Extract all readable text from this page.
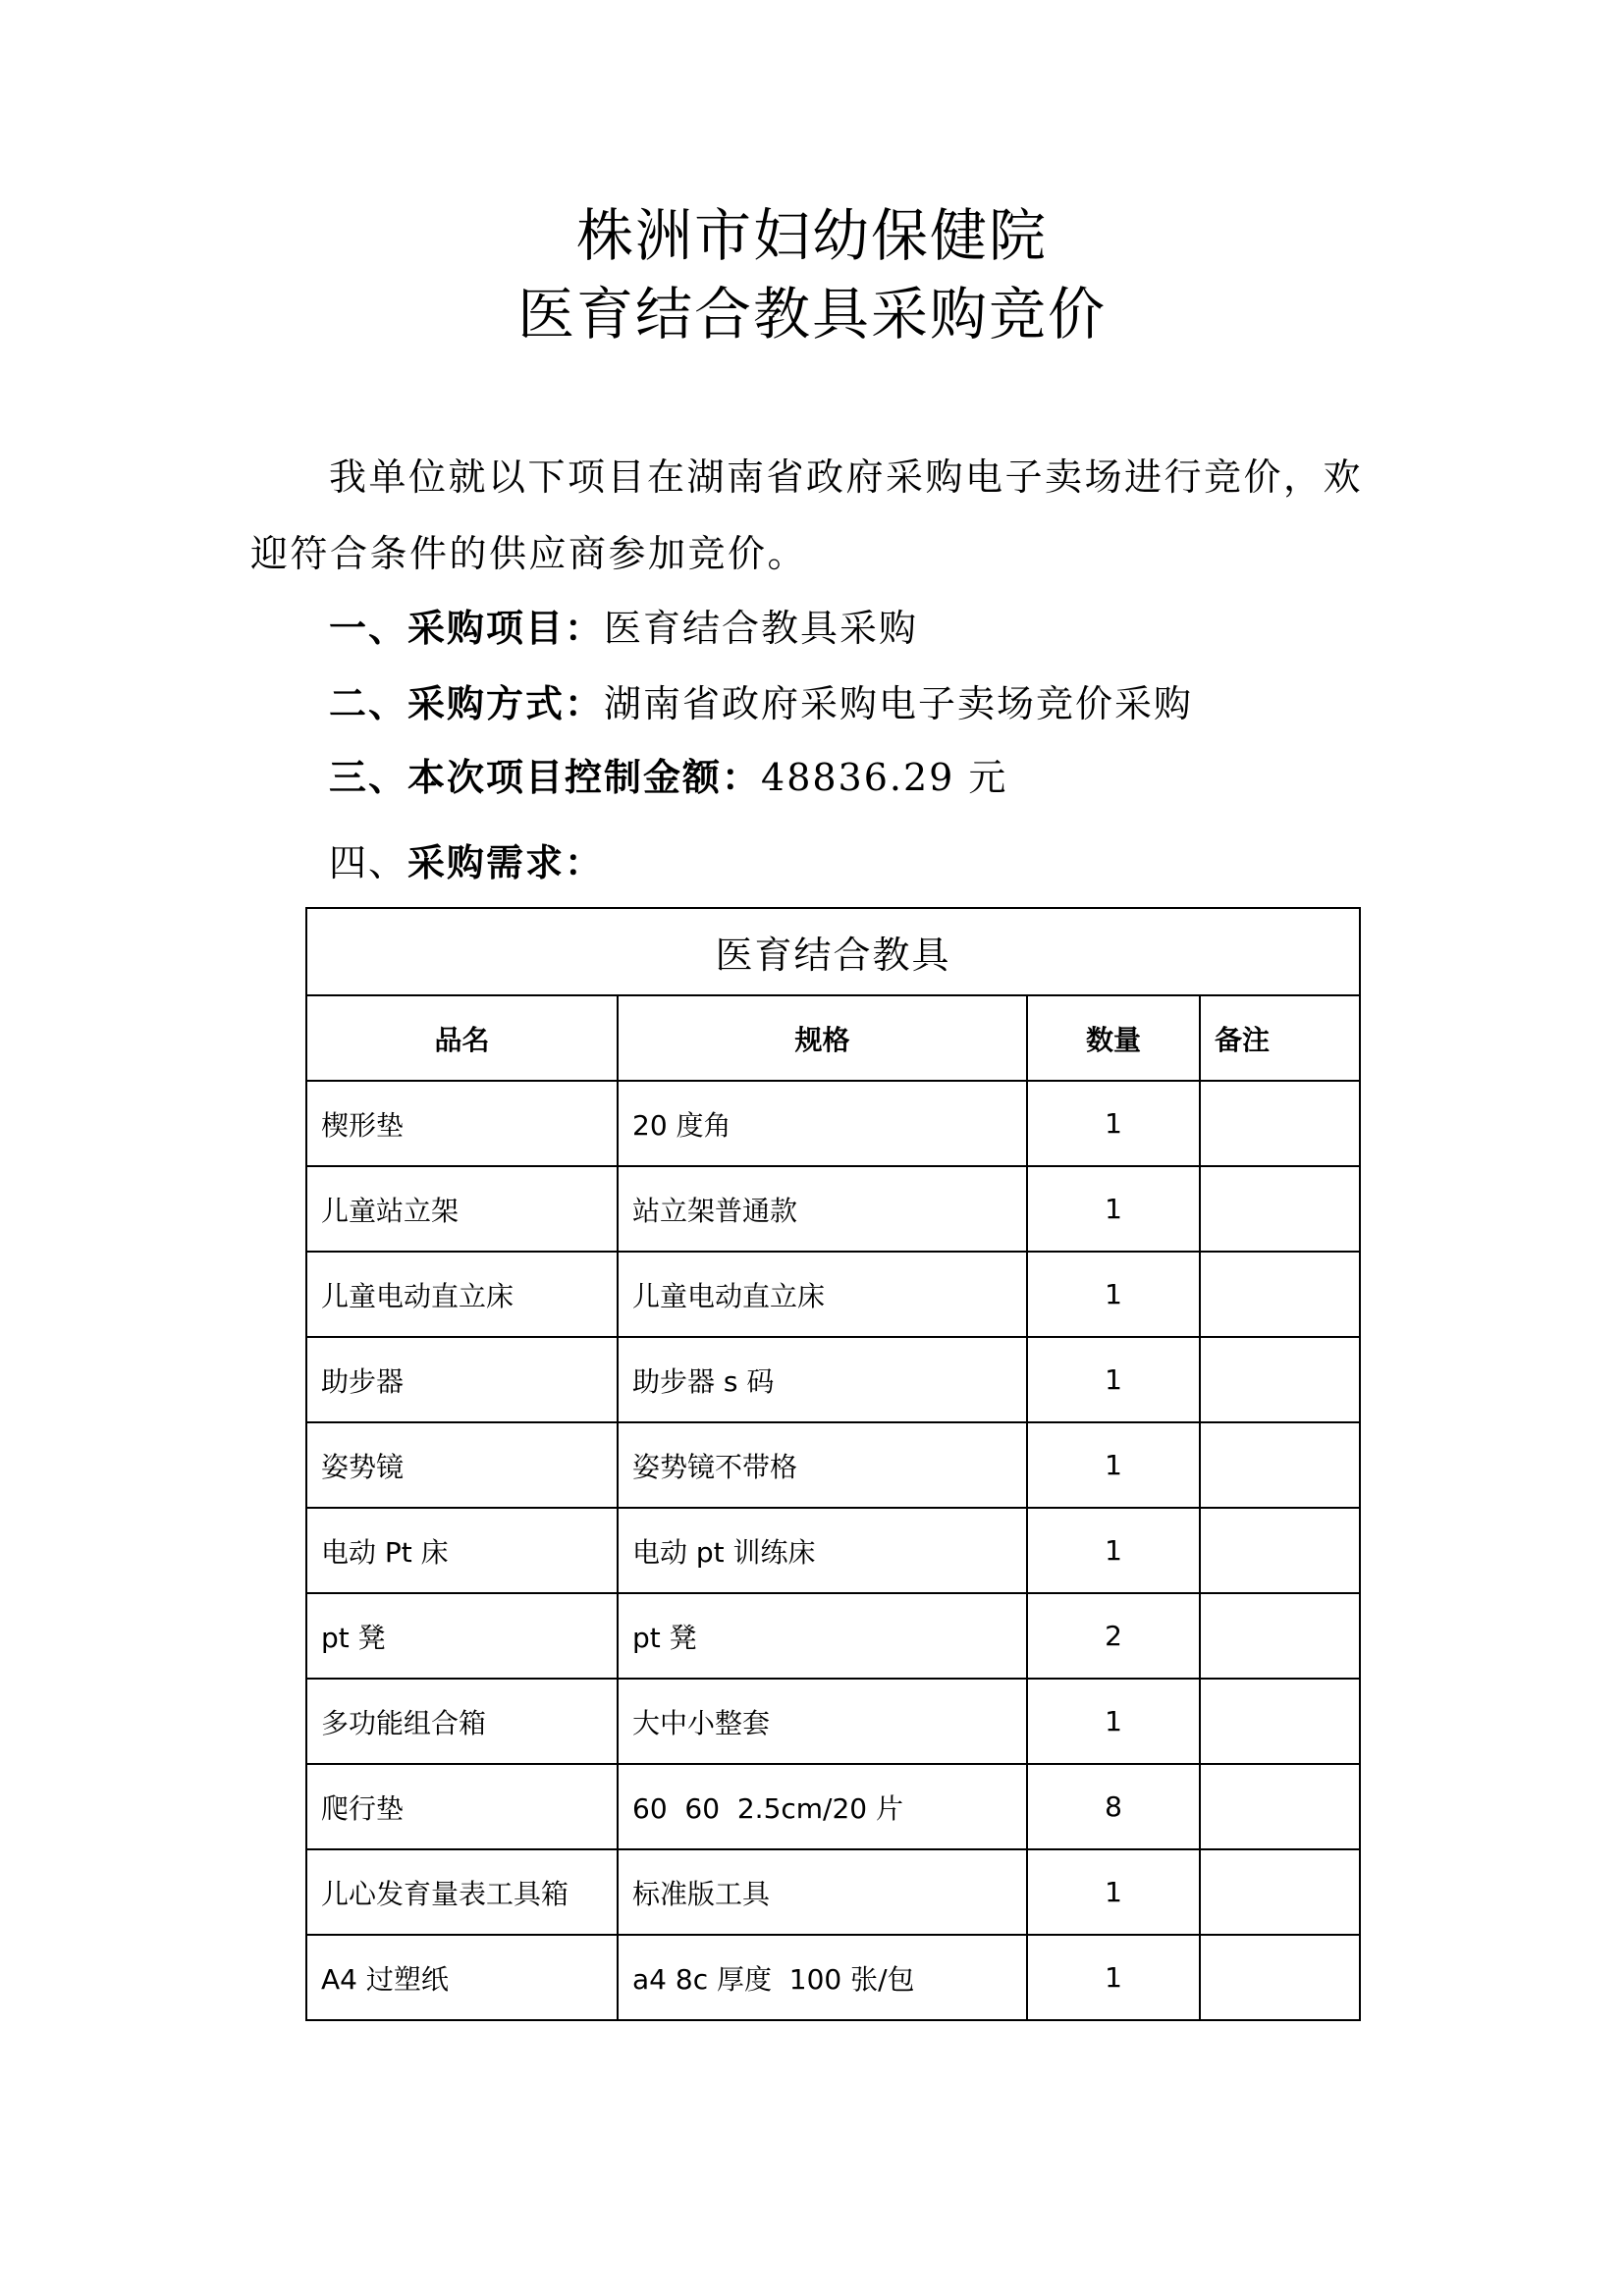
株洲市妇幼保健院
医育结合教具采购竞价
我单位就以下项目在湖南省政府采购电子卖场进行竞价，欢
迎符合条件的供应商参加竞价。
一、采购项目：医育结合教具采购
二、采购方式：湖南省政府采购电子卖场竞价采购
三、本次项目控制金额：48836.29 元
四、采购需求：
医育结合教具			
品名	规格	数量	备注
楔形垫	20 度角	1	
儿童站立架	站立架普通款	1	
儿童电动直立床	儿童电动直立床	1	
助步器	助步器 s 码	1	
姿势镜	姿势镜不带格	1	
电动 Pt 床	电动 pt 训练床	1	
pt 凳	pt 凳	2	
多功能组合箱	大中小整套	1	
爬行垫	60  60  2.5cm/20 片	8	
儿心发育量表工具箱	标准版工具	1	
A4 过塑纸	a4 8c 厚度  100 张/包	1	
